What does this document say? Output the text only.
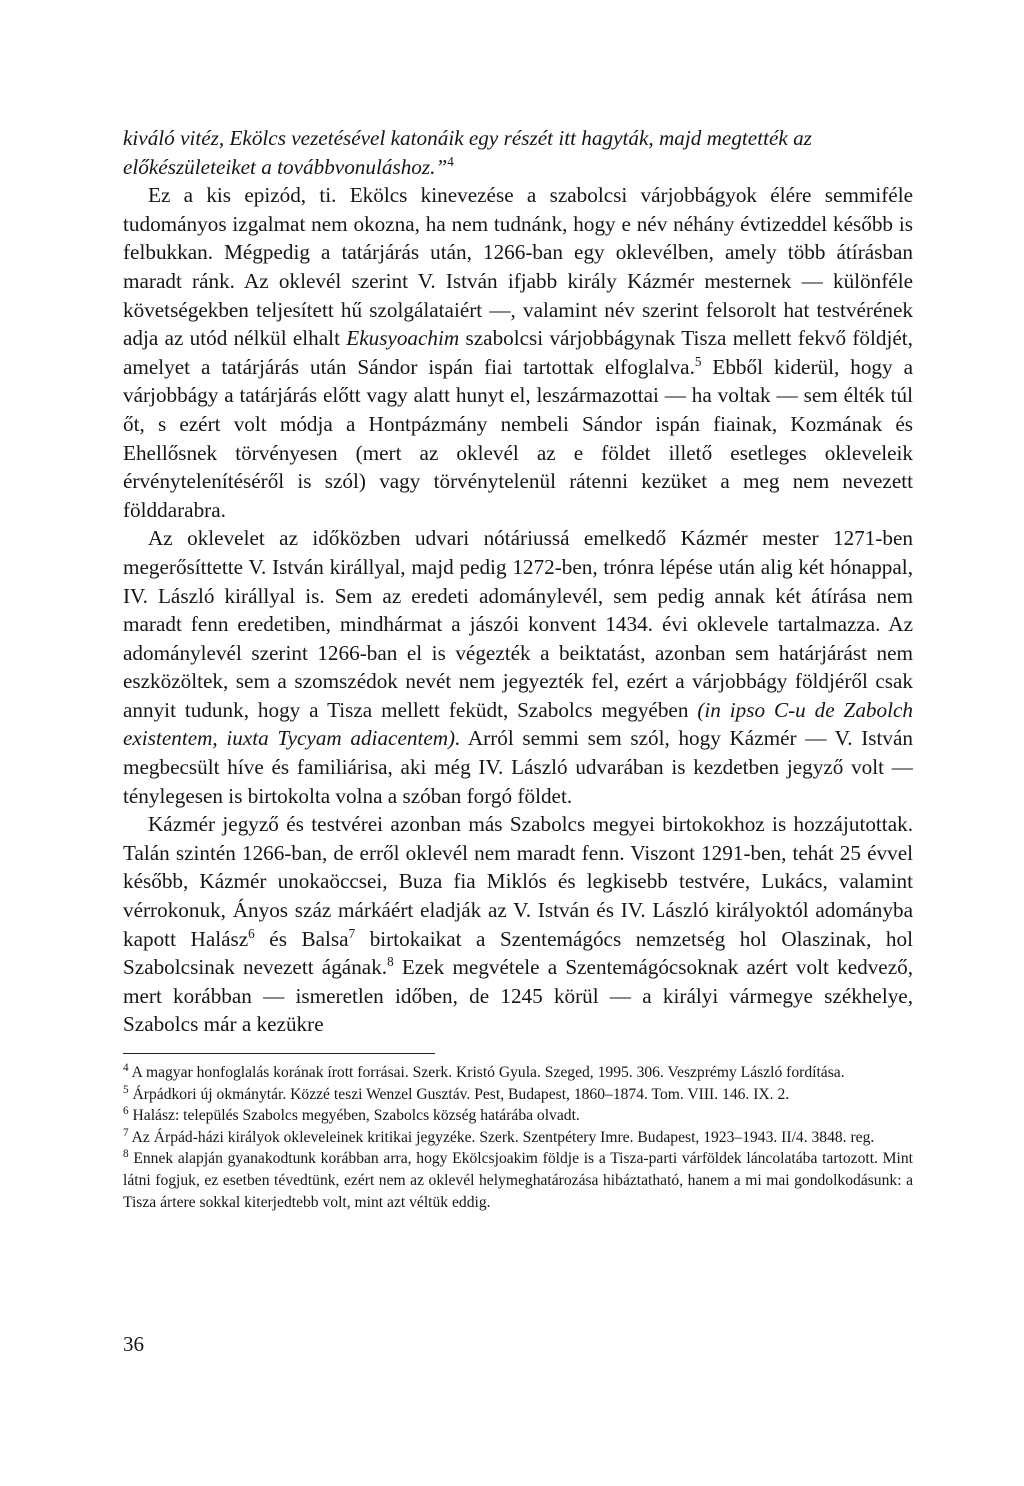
kiváló vitéz, Ekölcs vezetésével katonáik egy részét itt hagyták, majd megtették az
előkészületeiket a továbbvonuláshoz.”$^4$

Ez a kis epizód, ti. Ekölcs kinevezése a szabolcsi várjobbágyok élére semmiféle tudományos izgalmat nem okozna, ha nem tudnánk, hogy e név néhány évtizeddel később is felbukkan. Mégpedig a tatárjárás után, 1266-ban egy oklevélben, amely több átírásban maradt ránk. Az oklevél szerint V. István ifjabb király Kázmér mesternek — különféle követségekben teljesített hű szolgálataiért —, valamint név szerint felsorolt hat testvérének adja az utód nélkül elhalt Ekusyoachim szabolcsi várjobbágynak Tisza mellett fekvő földjét, amelyet a tatárjárás után Sándor ispán fiai tartottak elfoglalva.$^5$ Ebből kiderül, hogy a várjobbágy a tatárjárás előtt vagy alatt hunyt el, leszármazottai — ha voltak — sem élték túl őt, s ezért volt módja a Hontpázmány nembeli Sándor ispán fiainak, Kozmának és Ehellősnek törvényesen (mert az oklevél az e földet illető esetleges okleveleik érvénytelenítéséről is szól) vagy törvénytelenül rátenni kezüket a meg nem nevezett földdarabra.

Az oklevelet az időközben udvari nótáriussá emelkedő Kázmér mester 1271-ben megerősíttette V. István királlyal, majd pedig 1272-ben, trónra lépése után alig két hónappal, IV. László királlyal is. Sem az eredeti adománylevél, sem pedig annak két átírása nem maradt fenn eredetiben, mindhármat a jászói konvent 1434. évi oklevele tartalmazza. Az adománylevél szerint 1266-ban el is végezték a beiktatást, azonban sem határjárást nem eszközöltek, sem a szomszédok nevét nem jegyezték fel, ezért a várjobbágy földjéről csak annyit tudunk, hogy a Tisza mellett feküdt, Szabolcs megyében (in ipso C-u de Zabolch existentem, iuxta Tycyam adiacentem). Arról semmi sem szól, hogy Kázmér — V. István megbecsült híve és familiárisa, aki még IV. László udvarában is kezdetben jegyző volt — ténylegesen is birtokolta volna a szóban forgó földet.

Kázmér jegyző és testvérei azonban más Szabolcs megyei birtokokhoz is hozzájutottak. Talán szintén 1266-ban, de erről oklevél nem maradt fenn. Viszont 1291-ben, tehát 25 évvel később, Kázmér unokaöccsei, Buza fia Miklós és legkisebb testvére, Lukács, valamint vérrokonuk, Ányos száz márkáért eladják az V. István és IV. László királyoktól adományba kapott Halász$^6$ és Balsa$^7$ birtokaikat a Szentemágócs nemzetség hol Olaszinak, hol Szabolcsinak nevezett ágának.$^8$ Ezek megvétele a Szentemágócsoknak azért volt kedvező, mert korábban — ismeretlen időben, de 1245 körül — a királyi vármegye székhelye, Szabolcs már a kezükre

$^4$ A magyar honfoglalás korának írott forrásai. Szerk. Kristó Gyula. Szeged, 1995. 306. Veszprémy László fordítása.

$^5$ Árpádkori új okmánytár. Közzé teszi Wenzel Gusztáv. Pest, Budapest, 1860–1874. Tom. VIII. 146. IX. 2.

$^6$ Halász: település Szabolcs megyében, Szabolcs község határába olvadt.

$^7$ Az Árpád-házi királyok okleveleinek kritikai jegyzéke. Szerk. Szentpétery Imre. Budapest, 1923–1943. II/4. 3848. reg.

$^8$ Ennek alapján gyanakodtunk korábban arra, hogy Ekölcsjoakim földje is a Tisza-parti várföldek láncolatába tartozott. Mint látni fogjuk, ez esetben tévedtünk, ezért nem az oklevél helymeghatározása hibáztatható, hanem a mi mai gondolkodásunk: a Tisza ártere sokkal kiterjedtebb volt, mint azt véltük eddig.

36
